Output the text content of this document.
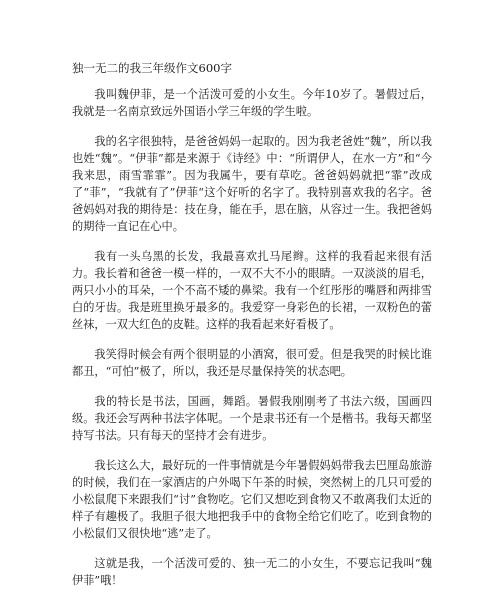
独一无二的我三年级作文600字

我叫魏伊菲，是一个活泼可爱的小女生。今年10岁了。暑假过后，我就是一名南京致远外国语小学三年级的学生啦。

我的名字很独特，是爸爸妈妈一起取的。因为我老爸姓“魏”，所以我也姓“魏”。“伊菲”都是来源于《诗经》中：“所谓伊人，在水一方”和“今我来思，雨雪霏霏”。因为我属牛，要有草吃。爸爸妈妈就把“霏”改成了“菲”，“我就有了”伊菲“这个好听的名字了。我特别喜欢我的名字。爸爸妈妈对我的期待是：技在身，能在手，思在脑，从容过一生。我把爸妈的期待一直记在心中。

我有一头乌黑的长发，我最喜欢扎马尾辫。这样的我看起来很有活力。我长着和爸爸一模一样的，一双不大不小的眼睛。一双淡淡的眉毛，两只小小的耳朵，一个不高不矮的鼻梁。我有一个红彤彤的嘴唇和两排雪白的牙齿。我是班里换牙最多的。我爱穿一身彩色的长裙，一双粉色的蕾丝袜，一双大红色的皮鞋。这样的我看起来好看极了。

我笑得时候会有两个很明显的小酒窝，很可爱。但是我哭的时候比谁都丑，“可怕”极了，所以，我还是尽量保持笑的状态吧。

我的特长是书法，国画，舞蹈。暑假我刚刚考了书法六级，国画四级。我还会写两种书法字体呢。一个是隶书还有一个是楷书。我每天都坚持写书法。只有每天的坚持才会有进步。

我长这么大，最好玩的一件事情就是今年暑假妈妈带我去巴厘岛旅游的时候，我们在一家酒店的户外喝下午茶的时候，突然树上的几只可爱的小松鼠爬下来跟我们“讨”食物吃。它们又想吃到食物又不敢离我们太近的样子有趣极了。我胆子很大地把我手中的食物全给它们吃了。吃到食物的小松鼠们又很快地“逃”走了。

这就是我，一个活泼可爱的、独一无二的小女生，不要忘记我叫“魏伊菲”哦！
